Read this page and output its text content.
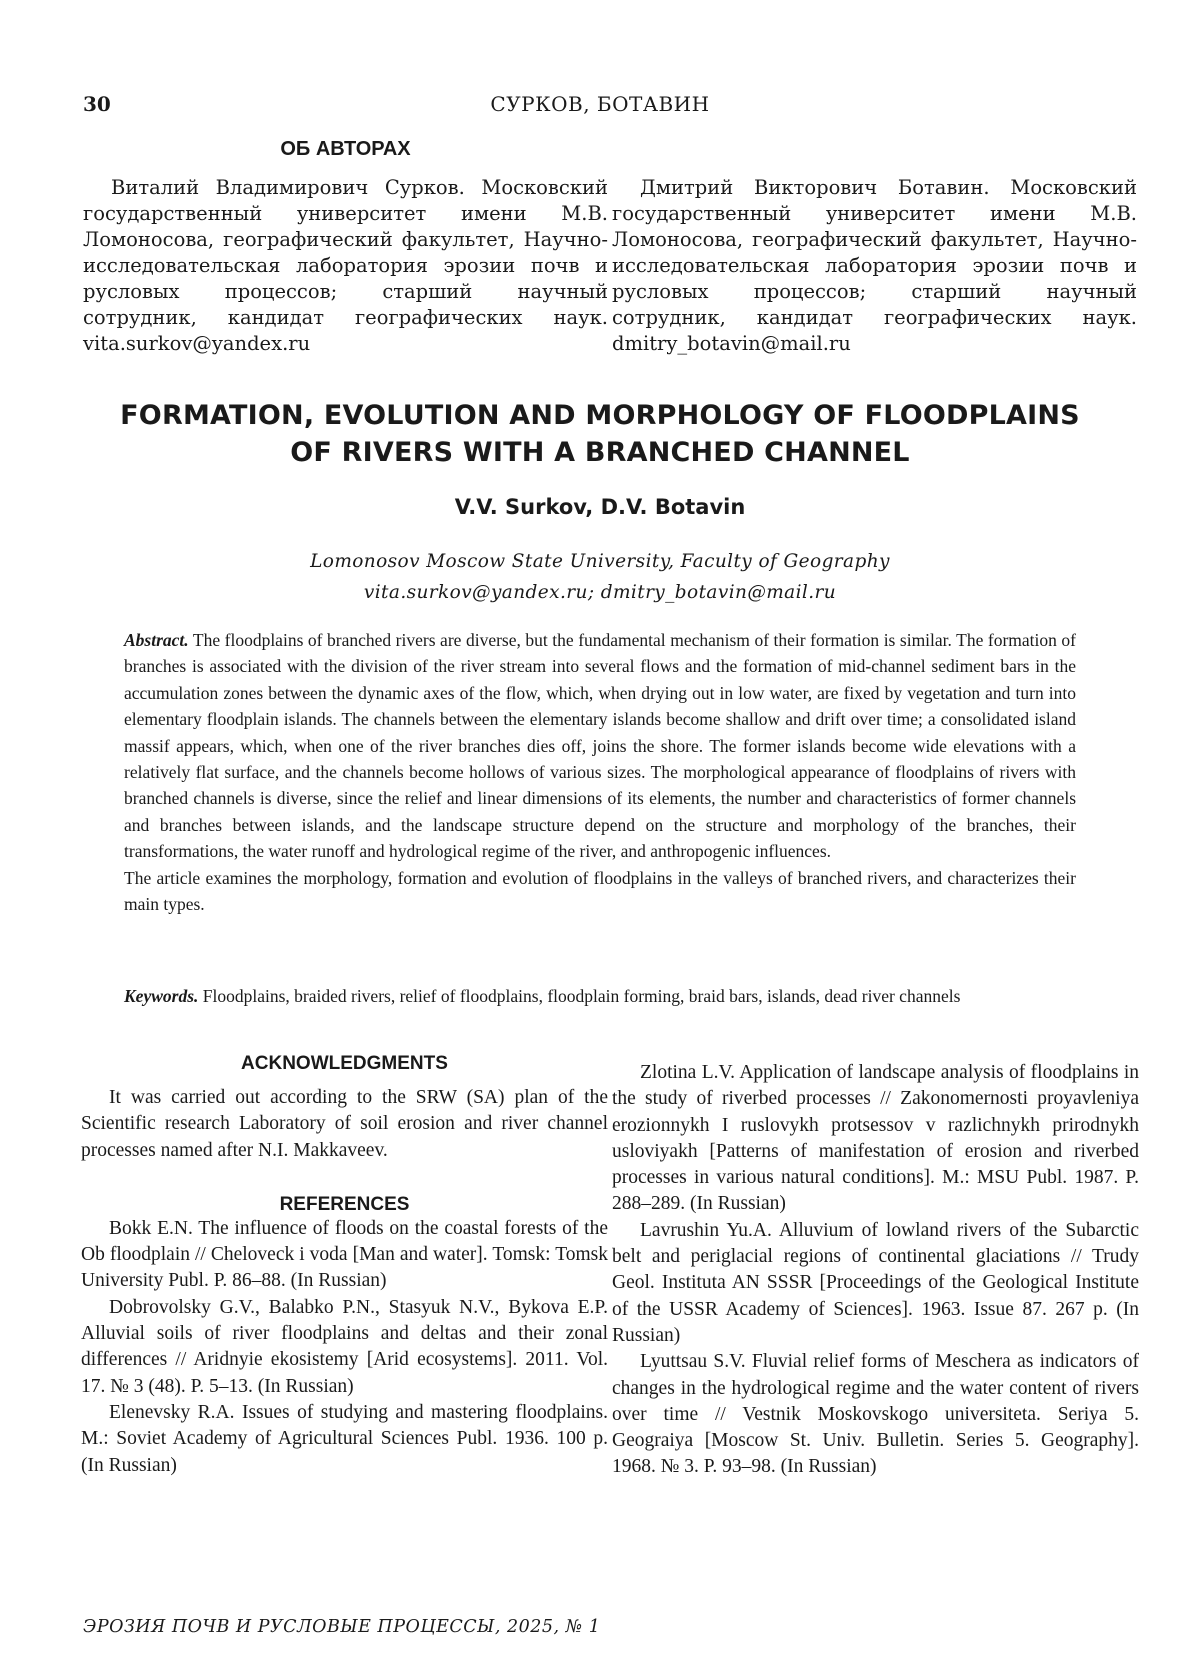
30	СУРКОВ, БОТАВИН
ОБ АВТОРАХ

Виталий Владимирович Сурков. Московский государственный университет имени М.В. Ломоносова, географический факультет, Научно-исследовательская лаборатория эрозии почв и русловых процессов; старший научный сотрудник, кандидат географических наук. vita.surkov@yandex.ru

Дмитрий Викторович Ботавин. Московский государственный университет имени М.В. Ломоносова, географический факультет, Научно-исследовательская лаборатория эрозии почв и русловых процессов; старший научный сотрудник, кандидат географических наук. dmitry_botavin@mail.ru

FORMATION, EVOLUTION AND MORPHOLOGY OF FLOODPLAINS
OF RIVERS WITH A BRANCHED CHANNEL
V.V. Surkov, D.V. Botavin
Lomonosov Moscow State University, Faculty of Geography
vita.surkov@yandex.ru; dmitry_botavin@mail.ru

Abstract. The floodplains of branched rivers are diverse, but the fundamental mechanism of their formation is similar. The formation of branches is associated with the division of the river stream into several flows and the formation of mid-channel sediment bars in the accumulation zones between the dynamic axes of the flow, which, when drying out in low water, are fixed by vegetation and turn into elementary floodplain islands. The channels between the elementary islands become shallow and drift over time; a consolidated island massif appears, which, when one of the river branches dies off, joins the shore. The former islands become wide elevations with a relatively flat surface, and the channels become hollows of various sizes. The morphological appearance of floodplains of rivers with branched channels is diverse, since the relief and linear dimensions of its elements, the number and characteristics of former channels and branches between islands, and the landscape structure depend on the structure and morphology of the branches, their transformations, the water runoff and hydrological regime of the river, and anthropogenic influences.

The article examines the morphology, formation and evolution of floodplains in the valleys of branched rivers, and characterizes their main types.

Keywords. Floodplains, braided rivers, relief of floodplains, floodplain forming, braid bars, islands, dead river channels
ACKNOWLEDGMENTS

It was carried out according to the SRW (SA) plan of the Scientific research Laboratory of soil erosion and river channel processes named after N.I. Makkaveev.

REFERENCES

Bokk E.N. The influence of floods on the coastal forests of the Ob floodplain // Cheloveck i voda [Man and water]. Tomsk: Tomsk University Publ. P. 86–88. (In Russian)

Dobrovolsky G.V., Balabko P.N., Stasyuk N.V., Bykova E.P. Alluvial soils of river floodplains and deltas and their zonal differences // Aridnyie ekosistemy [Arid ecosystems]. 2011. Vol. 17. № 3 (48). P. 5–13. (In Russian)

Elenevsky R.A. Issues of studying and mastering floodplains. M.: Soviet Academy of Agricultural Sciences Publ. 1936. 100 p. (In Russian)

Zlotina L.V. Application of landscape analysis of floodplains in the study of riverbed processes // Zakonomernosti proyavleniya erozionnykh I ruslovykh protsessov v razlichnykh prirodnykh usloviyakh [Patterns of manifestation of erosion and riverbed processes in various natural conditions]. M.: MSU Publ. 1987. P. 288–289. (In Russian)

Lavrushin Yu.A. Alluvium of lowland rivers of the Subarctic belt and periglacial regions of continental glaciations // Trudy Geol. Instituta AN SSSR [Proceedings of the Geological Institute of the USSR Academy of Sciences]. 1963. Issue 87. 267 p. (In Russian)

Lyuttsau S.V. Fluvial relief forms of Meschera as indicators of changes in the hydrological regime and the water content of rivers over time // Vestnik Moskovskogo universiteta. Seriya 5. Geograiya [Moscow St. Univ. Bulletin. Series 5. Geography]. 1968. № 3. P. 93–98. (In Russian)

ЭРОЗИЯ ПОЧВ И РУСЛОВЫЕ ПРОЦЕССЫ, 2025, № 1
